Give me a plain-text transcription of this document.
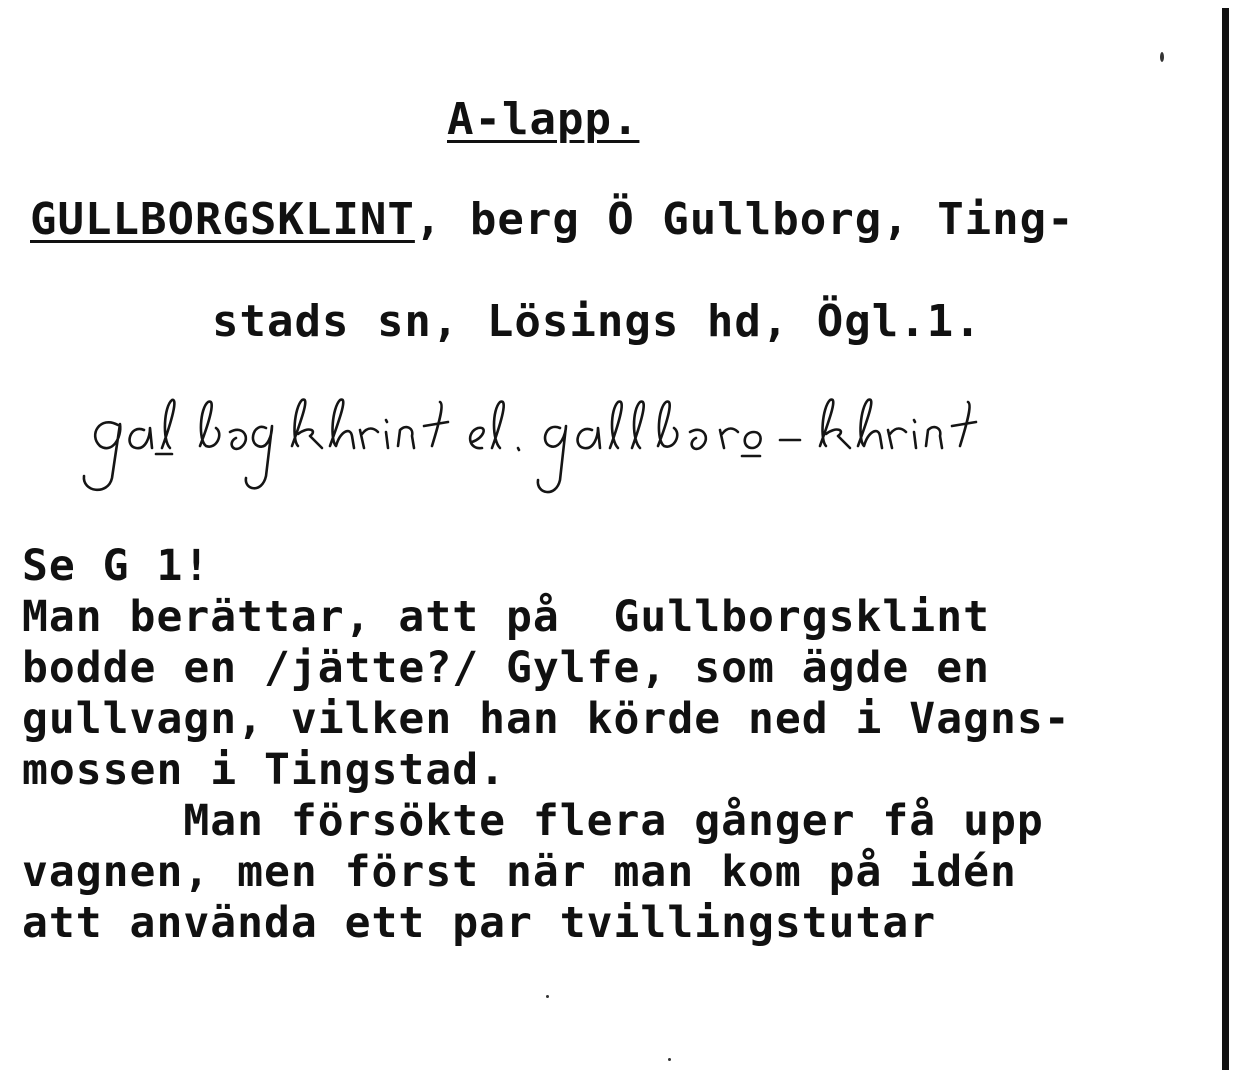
A-lapp.
GULLBORGSKLINT, berg Ö Gullborg, Ting-
stads sn, Lösings hd, Ögl.1.
Se G 1!
Man berättar, att på  Gullborgsklint
bodde en /jätte?/ Gylfe, som ägde en
gullvagn, vilken han körde ned i Vagns-
mossen i Tingstad.
Man försökte flera gånger få upp
vagnen, men först när man kom på idén
att använda ett par tvillingstutar
